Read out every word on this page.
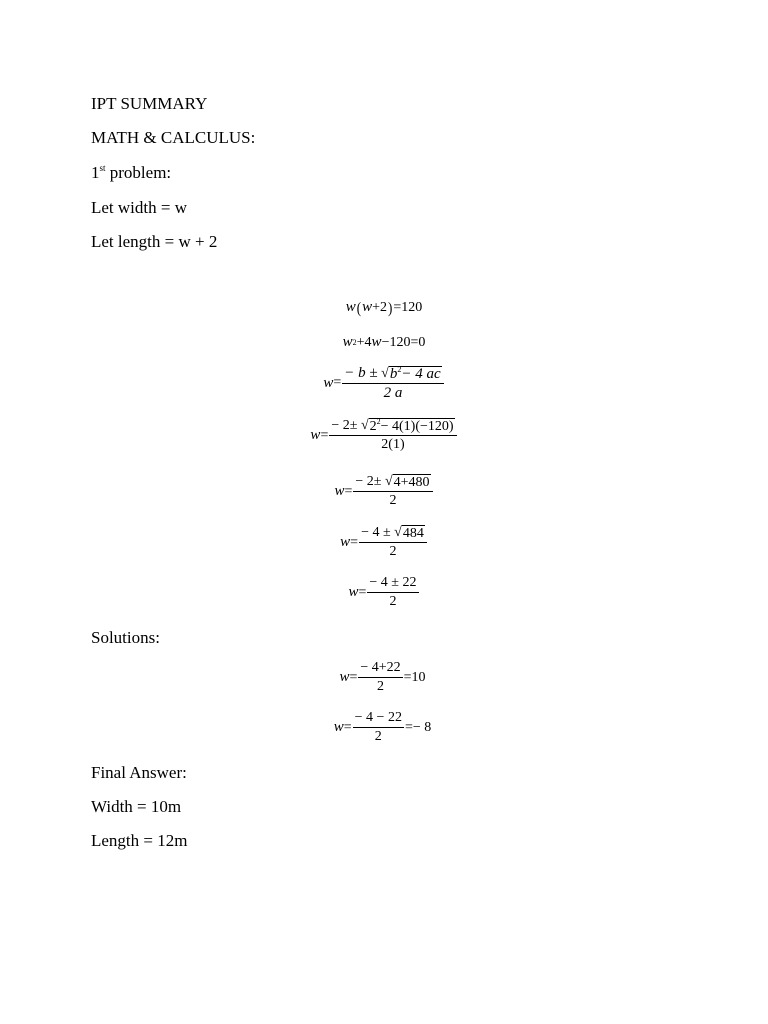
IPT SUMMARY
MATH & CALCULUS:
1st problem:
Let width = w
Let length = w + 2
w ( w +2 ) =120
w 2 +4 w −120=0
$w = \frac{- b \pm √ b^2- 4 ac}{2 a}$
$w = \frac{- 2\pm √ 2^2- 4(1)(-120)}{2(1)}$
$w = \frac{- 2\pm √ 4+480}{2}$
$w = \frac{- 4 \pm √ 484}{2}$
$w = \frac{- 4 \pm 22}{2}$
Solutions:
$w = \frac{- 4+22}{2} =10$
$w = \frac{- 4 - 22}{2} =- 8$
Final Answer:
Width = 10m
Length = 12m
